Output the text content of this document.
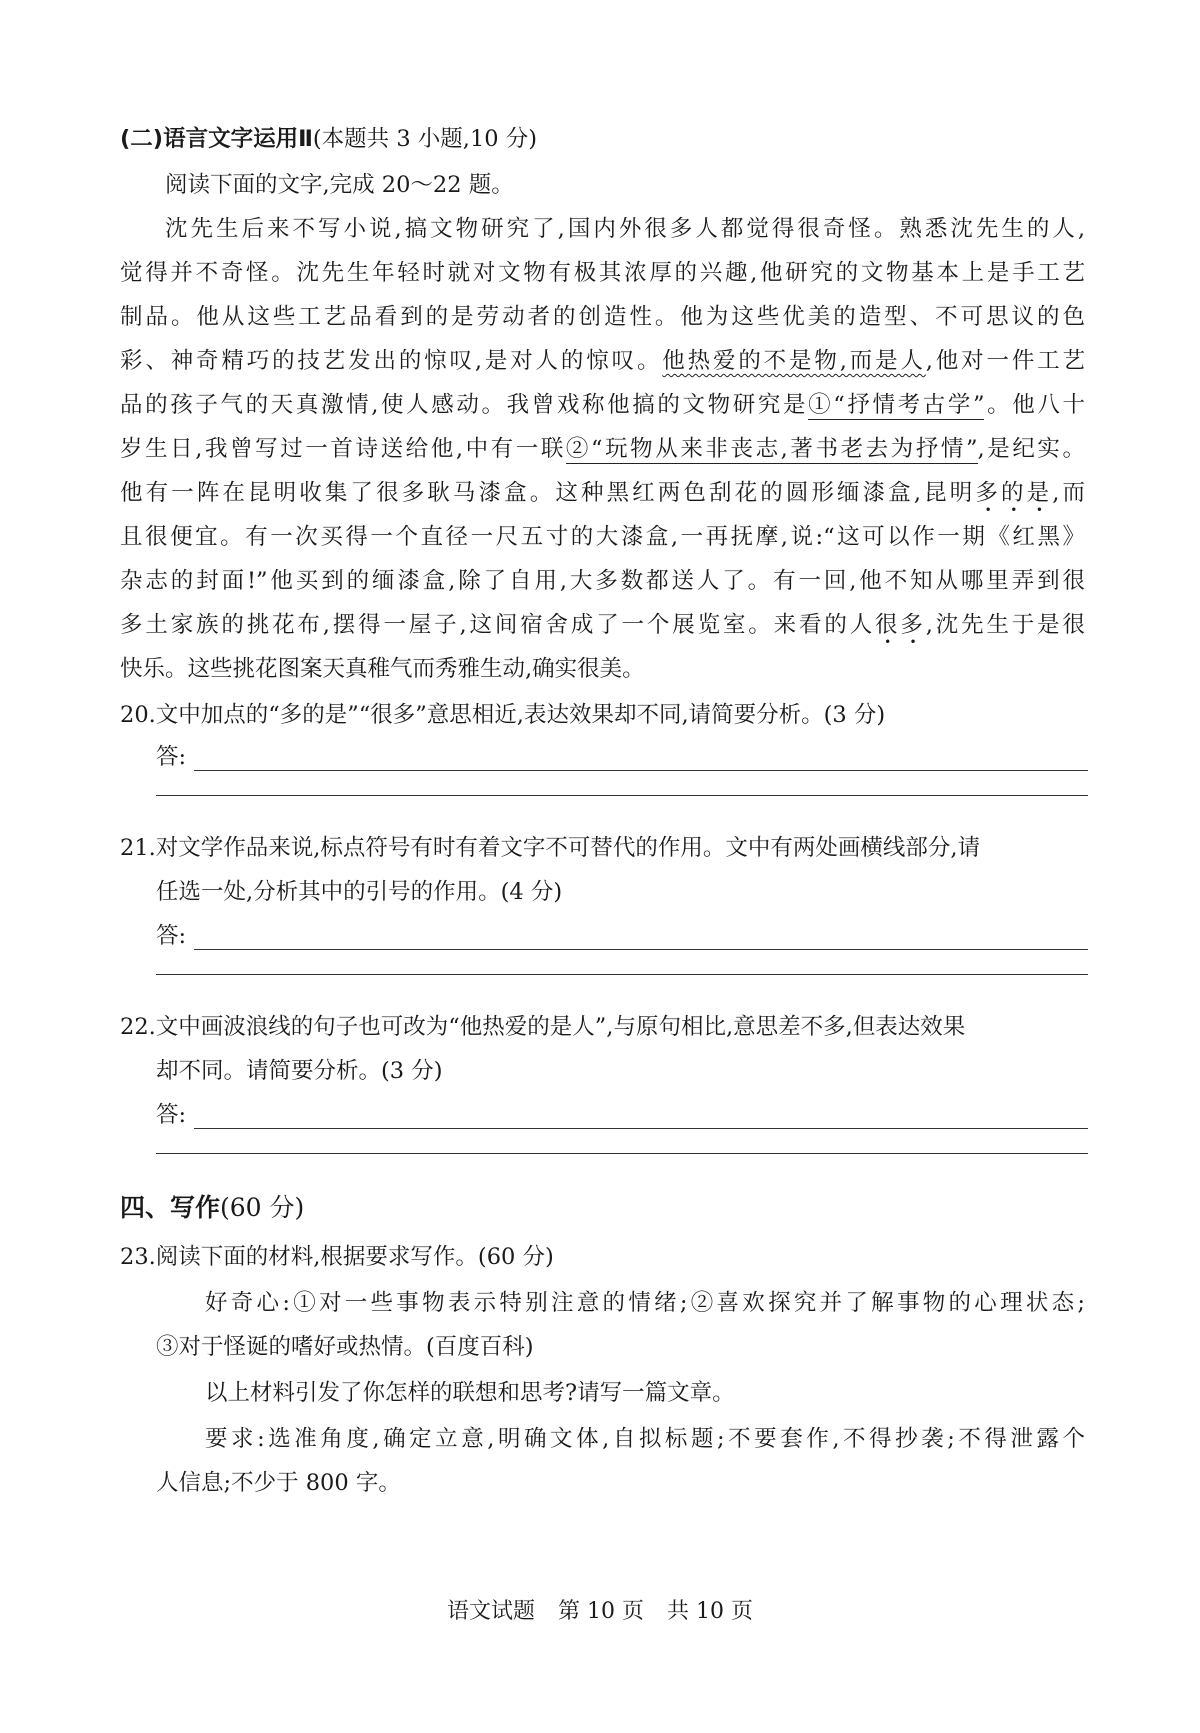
(二)语言文字运用Ⅱ(本题共 3 小题,10 分)
阅读下面的文字,完成 20～22 题。
沈先生后来不写小说,搞文物研究了,国内外很多人都觉得很奇怪。熟悉沈先生的人,
觉得并不奇怪。沈先生年轻时就对文物有极其浓厚的兴趣,他研究的文物基本上是手工艺
制品。他从这些工艺品看到的是劳动者的创造性。他为这些优美的造型、不可思议的色
彩、神奇精巧的技艺发出的惊叹,是对人的惊叹。他热爱的不是物,而是人,他对一件工艺
品的孩子气的天真激情,使人感动。我曾戏称他搞的文物研究是①“抒情考古学”。他八十
岁生日,我曾写过一首诗送给他,中有一联②“玩物从来非丧志,著书老去为抒情”,是纪实。
他有一阵在昆明收集了很多耿马漆盒。这种黑红两色刮花的圆形缅漆盒,昆明多的是,而
且很便宜。有一次买得一个直径一尺五寸的大漆盒,一再抚摩,说:“这可以作一期《红黑》
杂志的封面!”他买到的缅漆盒,除了自用,大多数都送人了。有一回,他不知从哪里弄到很
多土家族的挑花布,摆得一屋子,这间宿舍成了一个展览室。来看的人很多,沈先生于是很
快乐。这些挑花图案天真稚气而秀雅生动,确实很美。
20.文中加点的“多的是”“很多”意思相近,表达效果却不同,请简要分析。(3 分)
答:
21.对文学作品来说,标点符号有时有着文字不可替代的作用。文中有两处画横线部分,请
任选一处,分析其中的引号的作用。(4 分)
答:
22.文中画波浪线的句子也可改为“他热爱的是人”,与原句相比,意思差不多,但表达效果
却不同。请简要分析。(3 分)
答:
四、写作(60 分)
23.阅读下面的材料,根据要求写作。(60 分)
好奇心:①对一些事物表示特别注意的情绪;②喜欢探究并了解事物的心理状态;
③对于怪诞的嗜好或热情。(百度百科)
以上材料引发了你怎样的联想和思考?请写一篇文章。
要求:选准角度,确定立意,明确文体,自拟标题;不要套作,不得抄袭;不得泄露个
人信息;不少于 800 字。
语文试题 第 10 页 共 10 页
